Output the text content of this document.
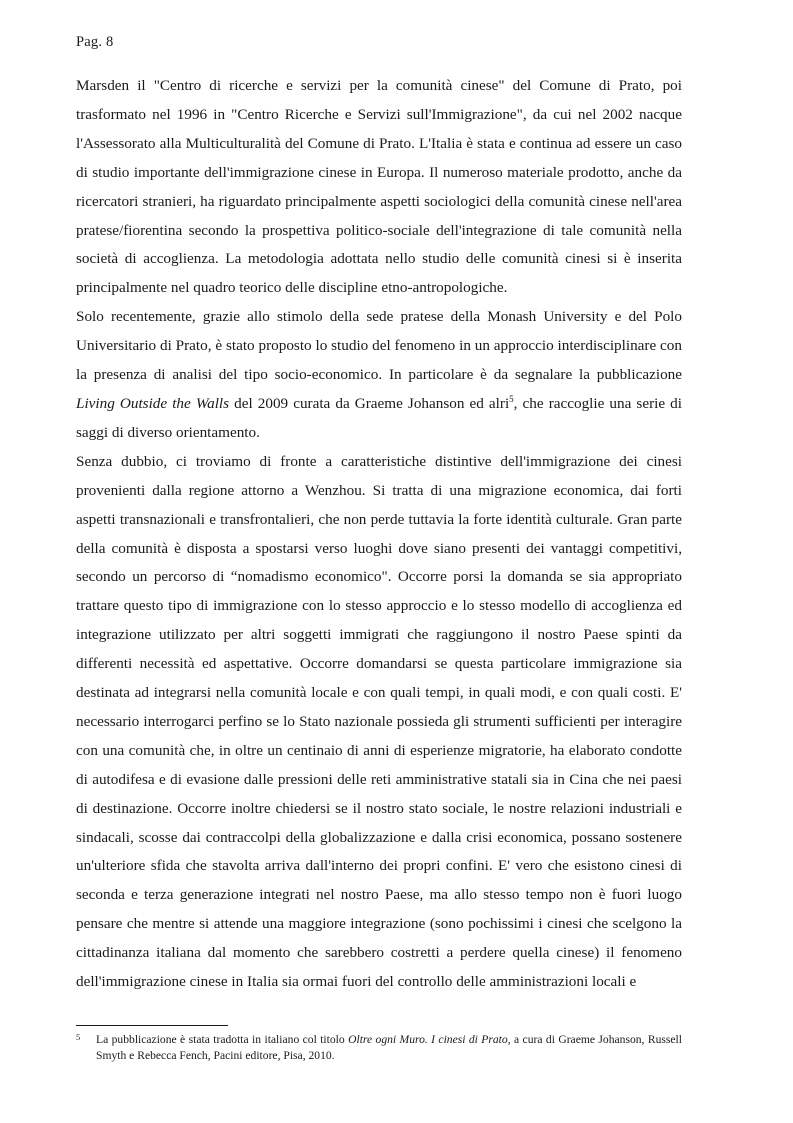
Pag. 8

Marsden il "Centro di ricerche e servizi per la comunità cinese" del Comune di Prato, poi trasformato nel 1996 in "Centro Ricerche e Servizi sull'Immigrazione", da cui nel 2002 nacque l'Assessorato alla Multiculturalità del Comune di Prato. L'Italia è stata e continua ad essere un caso di studio importante dell'immigrazione cinese in Europa. Il numeroso materiale prodotto, anche da ricercatori stranieri, ha riguardato principalmente aspetti sociologici della comunità cinese nell'area pratese/fiorentina secondo la prospettiva politico-sociale dell'integrazione di tale comunità nella società di accoglienza. La metodologia adottata nello studio delle comunità cinesi si è inserita principalmente nel quadro teorico delle discipline etno-antropologiche.

Solo recentemente, grazie allo stimolo della sede pratese della Monash University e del Polo Universitario di Prato, è stato proposto lo studio del fenomeno in un approccio interdisciplinare con la presenza di analisi del tipo socio-economico. In particolare è da segnalare la pubblicazione Living Outside the Walls del 2009 curata da Graeme Johanson ed alri$^5$, che raccoglie una serie di saggi di diverso orientamento.

Senza dubbio, ci troviamo di fronte a caratteristiche distintive dell'immigrazione dei cinesi provenienti dalla regione attorno a Wenzhou. Si tratta di una migrazione economica, dai forti aspetti transnazionali e transfrontalieri, che non perde tuttavia la forte identità culturale. Gran parte della comunità è disposta a spostarsi verso luoghi dove siano presenti dei vantaggi competitivi, secondo un percorso di “nomadismo economico". Occorre porsi la domanda se sia appropriato trattare questo tipo di immigrazione con lo stesso approccio e lo stesso modello di accoglienza ed integrazione utilizzato per altri soggetti immigrati che raggiungono il nostro Paese spinti da differenti necessità ed aspettative. Occorre domandarsi se questa particolare immigrazione sia destinata ad integrarsi nella comunità locale e con quali tempi, in quali modi, e con quali costi. E' necessario interrogarci perfino se lo Stato nazionale possieda gli strumenti sufficienti per interagire con una comunità che, in oltre un centinaio di anni di esperienze migratorie, ha elaborato condotte di autodifesa e di evasione dalle pressioni delle reti amministrative statali sia in Cina che nei paesi di destinazione. Occorre inoltre chiedersi se il nostro stato sociale, le nostre relazioni industriali e sindacali, scosse dai contraccolpi della globalizzazione e dalla crisi economica, possano sostenere un'ulteriore sfida che stavolta arriva dall'interno dei propri confini. E' vero che esistono cinesi di seconda e terza generazione integrati nel nostro Paese, ma allo stesso tempo non è fuori luogo pensare che mentre si attende una maggiore integrazione (sono pochissimi i cinesi che scelgono la cittadinanza italiana dal momento che sarebbero costretti a perdere quella cinese) il fenomeno dell'immigrazione cinese in Italia sia ormai fuori del controllo delle amministrazioni locali e

5 La pubblicazione è stata tradotta in italiano col titolo Oltre ogni Muro. I cinesi di Prato, a cura di Graeme Johanson, Russell Smyth e Rebecca Fench, Pacini editore, Pisa, 2010.
